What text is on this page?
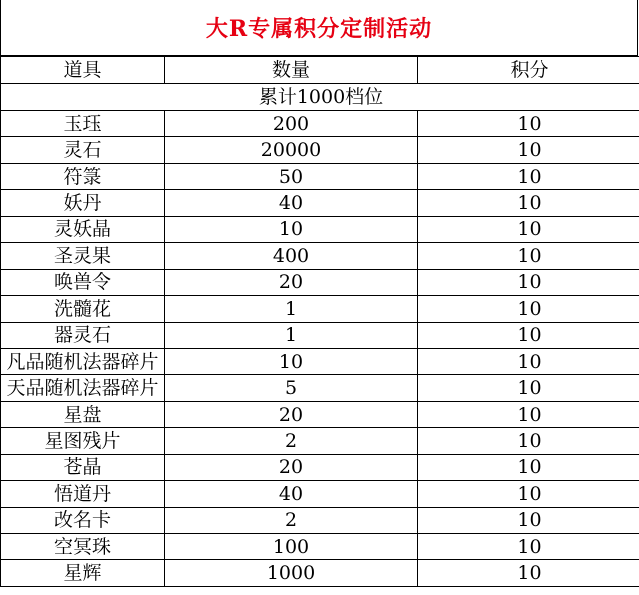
大R专属积分定制活动
道具	数量	积分
累计1000档位		
玉珏	200	10
灵石	20000	10
符箓	50	10
妖丹	40	10
灵妖晶	10	10
圣灵果	400	10
唤兽令	20	10
洗髓花	1	10
器灵石	1	10
凡品随机法器碎片	10	10
天品随机法器碎片	5	10
星盘	20	10
星图残片	2	10
苍晶	20	10
悟道丹	40	10
改名卡	2	10
空冥珠	100	10
星辉	1000	10
